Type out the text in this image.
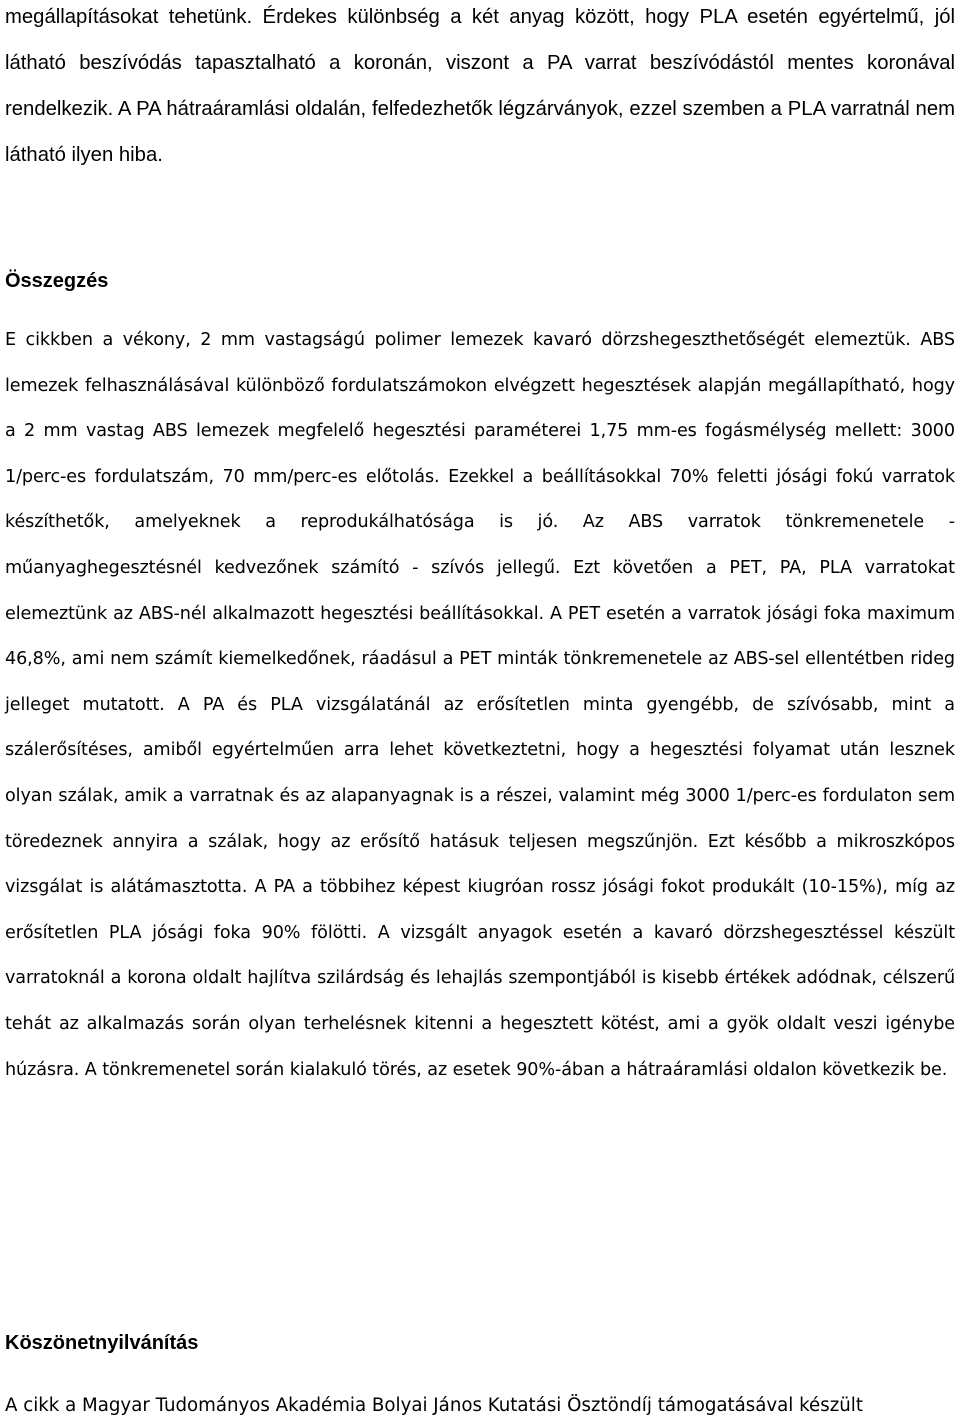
megállapításokat tehetünk. Érdekes különbség a két anyag között, hogy PLA esetén egyértelmű, jól látható beszívódás tapasztalható a koronán, viszont a PA varrat beszívódástól mentes koronával rendelkezik. A PA hátraáramlási oldalán, felfedezhetők légzárványok, ezzel szemben a PLA varratnál nem látható ilyen hiba.

Összegzés

E cikkben a vékony, 2 mm vastagságú polimer lemezek kavaró dörzshegeszthetőségét elemeztük. ABS lemezek felhasználásával különböző fordulatszámokon elvégzett hegesztések alapján megállapítható, hogy a 2 mm vastag ABS lemezek megfelelő hegesztési paraméterei 1,75 mm-es fogásmélység mellett: 3000 1/perc-es fordulatszám, 70 mm/perc-es előtolás. Ezekkel a beállításokkal 70% feletti jósági fokú varratok készíthetők, amelyeknek a reprodukálhatósága is jó. Az ABS varratok tönkremenetele - műanyaghegesztésnél kedvezőnek számító - szívós jellegű. Ezt követően a PET, PA, PLA varratokat elemeztünk az ABS-nél alkalmazott hegesztési beállításokkal. A PET esetén a varratok jósági foka maximum 46,8%, ami nem számít kiemelkedőnek, ráadásul a PET minták tönkremenetele az ABS-sel ellentétben rideg jelleget mutatott. A PA és PLA vizsgálatánál az erősítetlen minta gyengébb, de szívósabb, mint a szálerősítéses, amiből egyértelműen arra lehet következtetni, hogy a hegesztési folyamat után lesznek olyan szálak, amik a varratnak és az alapanyagnak is a részei, valamint még 3000 1/perc-es fordulaton sem töredeznek annyira a szálak, hogy az erősítő hatásuk teljesen megszűnjön. Ezt később a mikroszkópos vizsgálat is alátámasztotta. A PA a többihez képest kiugróan rossz jósági fokot produkált (10-15%), míg az erősítetlen PLA jósági foka 90% fölötti. A vizsgált anyagok esetén a kavaró dörzshegesztéssel készült varratoknál a korona oldalt hajlítva szilárdság és lehajlás szempontjából is kisebb értékek adódnak, célszerű tehát az alkalmazás során olyan terhelésnek kitenni a hegesztett kötést, ami a gyök oldalt veszi igénybe húzásra. A tönkremenetel során kialakuló törés, az esetek 90%-ában a hátraáramlási oldalon következik be.

Köszönetnyilvánítás

A cikk a Magyar Tudományos Akadémia Bolyai János Kutatási Ösztöndíj támogatásával készült
